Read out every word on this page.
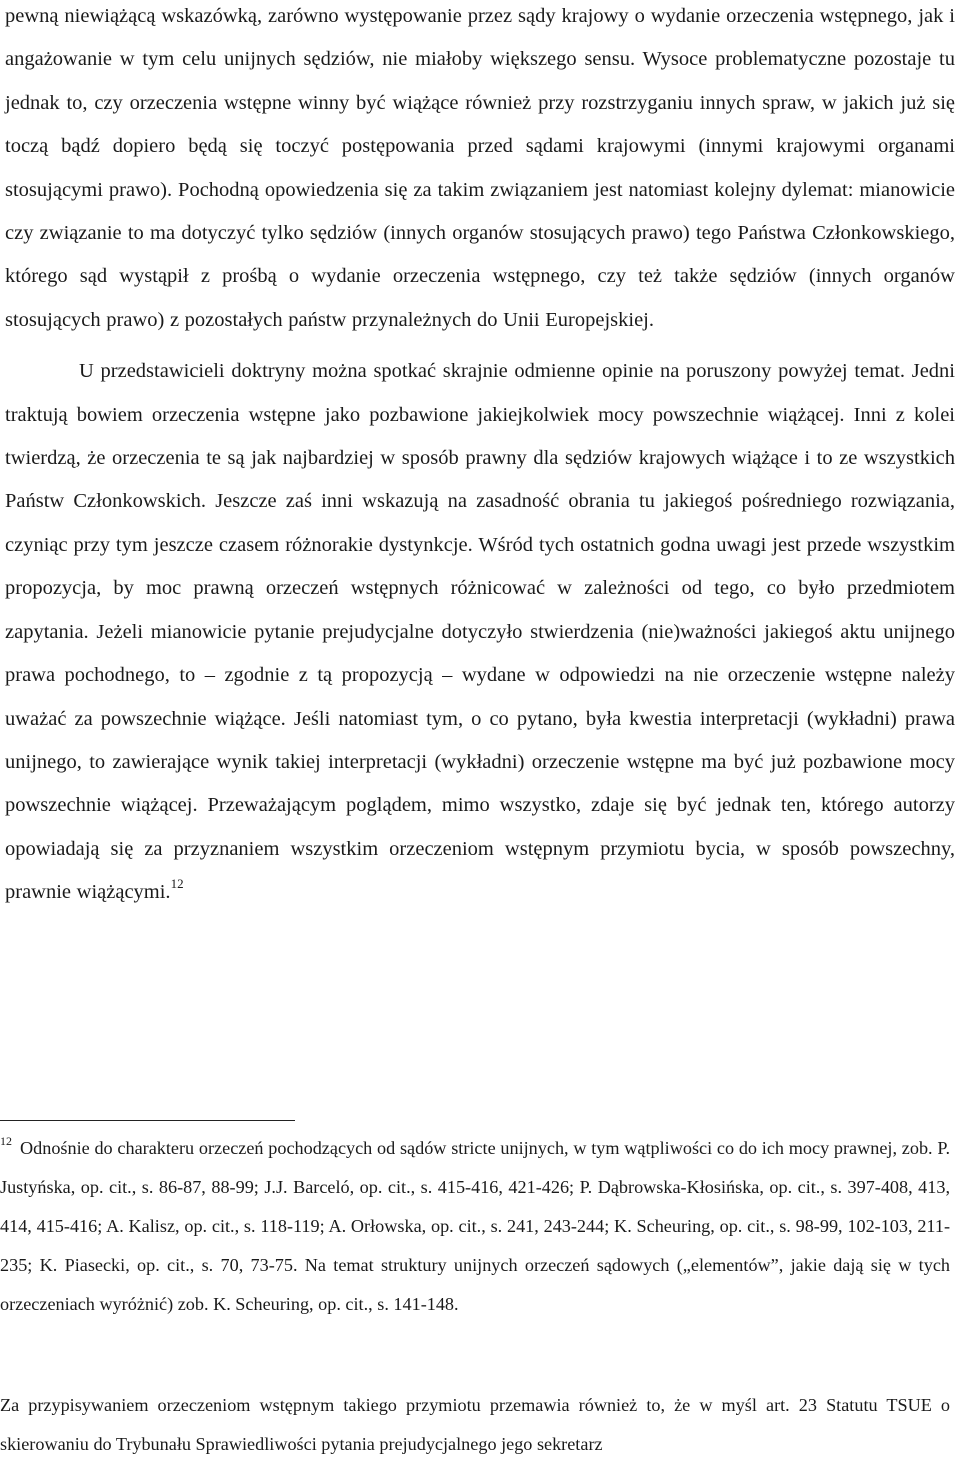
pewną niewiążącą wskazówką, zarówno występowanie przez sądy krajowy o wydanie orzeczenia wstępnego, jak i angażowanie w tym celu unijnych sędziów, nie miałoby większego sensu. Wysoce problematyczne pozostaje tu jednak to, czy orzeczenia wstępne winny być wiążące również przy rozstrzyganiu innych spraw, w jakich już się toczą bądź dopiero będą się toczyć postępowania przed sądami krajowymi (innymi krajowymi organami stosującymi prawo). Pochodną opowiedzenia się za takim związaniem jest natomiast kolejny dylemat: mianowicie czy związanie to ma dotyczyć tylko sędziów (innych organów stosujących prawo) tego Państwa Członkowskiego, którego sąd wystąpił z prośbą o wydanie orzeczenia wstępnego, czy też także sędziów (innych organów stosujących prawo) z pozostałych państw przynależnych do Unii Europejskiej.

U przedstawicieli doktryny można spotkać skrajnie odmienne opinie na poruszony powyżej temat. Jedni traktują bowiem orzeczenia wstępne jako pozbawione jakiejkolwiek mocy powszechnie wiążącej. Inni z kolei twierdzą, że orzeczenia te są jak najbardziej w sposób prawny dla sędziów krajowych wiążące i to ze wszystkich Państw Członkowskich. Jeszcze zaś inni wskazują na zasadność obrania tu jakiegoś pośredniego rozwiązania, czyniąc przy tym jeszcze czasem różnorakie dystynkcje. Wśród tych ostatnich godna uwagi jest przede wszystkim propozycja, by moc prawną orzeczeń wstępnych różnicować w zależności od tego, co było przedmiotem zapytania. Jeżeli mianowicie pytanie prejudycjalne dotyczyło stwierdzenia (nie)ważności jakiegoś aktu unijnego prawa pochodnego, to – zgodnie z tą propozycją – wydane w odpowiedzi na nie orzeczenie wstępne należy uważać za powszechnie wiążące. Jeśli natomiast tym, o co pytano, była kwestia interpretacji (wykładni) prawa unijnego, to zawierające wynik takiej interpretacji (wykładni) orzeczenie wstępne ma być już pozbawione mocy powszechnie wiążącej. Przeważającym poglądem, mimo wszystko, zdaje się być jednak ten, którego autorzy opowiadają się za przyznaniem wszystkim orzeczeniom wstępnym przymiotu bycia, w sposób powszechny, prawnie wiążącymi.$^{12}$

$^{12}$ Odnośnie do charakteru orzeczeń pochodzących od sądów stricte unijnych, w tym wątpliwości co do ich mocy prawnej, zob. P. Justyńska, op. cit., s. 86-87, 88-99; J.J. Barceló, op. cit., s. 415-416, 421-426; P. Dąbrowska-Kłosińska, op. cit., s. 397-408, 413, 414, 415-416; A. Kalisz, op. cit., s. 118-119; A. Orłowska, op. cit., s. 241, 243-244; K. Scheuring, op. cit., s. 98-99, 102-103, 211-235; K. Piasecki, op. cit., s. 70, 73-75. Na temat struktury unijnych orzeczeń sądowych („elementów”, jakie dają się w tych orzeczeniach wyróżnić) zob. K. Scheuring, op. cit., s. 141-148.

Za przypisywaniem orzeczeniom wstępnym takiego przymiotu przemawia również to, że w myśl art. 23 Statutu TSUE o skierowaniu do Trybunału Sprawiedliwości pytania prejudycjalnego jego sekretarz
